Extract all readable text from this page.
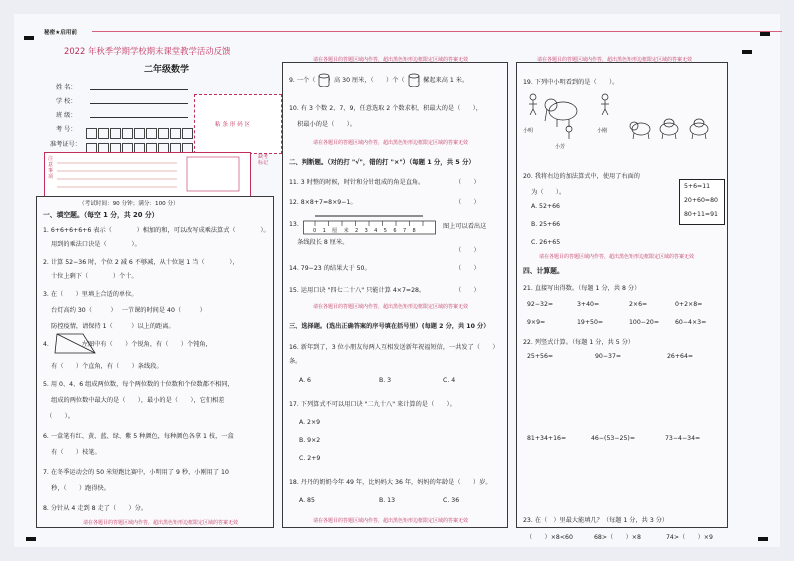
秘密★启用前
2022 年秋季学期学校期末课堂教学活动反馈
二年级数学
姓 名：
学 校：
班 级：
考 号：
准考证号：
粘 条 形 码 区
注意事项
缺考标记
（考试时间：90 分钟；满分：100 分）
一、填空题。（每空 1 分，共 20 分）
1. 6+6+6+6+6 表示（　　　　）相加的和，可以改写成乘法算式（　　　　）。
用到的乘法口诀是（　　　　）。
2. 计算 52−36 时，个位 2 减 6 不够减，从十位退 1 当（　　　　），
十位上剩下（　　　　）个十。
3. 在（　　）里填上合适的单位。
　 台灯高约 30（　　　）　 一节课的时间是 40（　　　）
　 防控疫情，请保持 1（　　　）以上的距离。
4. 　　　　　左图中有（　　）个锐角，有（　　）个钝角，
　 有（　　）个直角，有（　　）条线段。
5. 用 0、4、6 组成两位数，每个两位数的十位数和个位数都不相同，
　 组成的两位数中最大的是（　　），最小的是（　　），它们相差
　（　　）。
6. 一盒笔有红、黄、蓝、绿、紫 5 种颜色，每种颜色各拿 1 枝，一盒
　 有（　　）枝笔。
7. 在冬季运动会的 50 米短跑比赛中，小明用了 9 秒，小刚用了 10
　 秒，（　　）跑得快。
8. 分针从 4 走到 8 走了（　　）分。
请在各题目的答题区域内作答，超出黑色矩形边框限定区域的答案无效
请在各题目的答题区域内作答，超出黑色矩形边框限定区域的答案无效
9. 一个（　　）高 30 厘米，（　　）个（　　）摞起来高 1 米。
10. 有 3 个数 2、7、9，任意选取 2 个数求积，积最大的是（　　），
　 积最小的是（　　）。
请在各题目的答题区域内作答，超出黑色矩形边框限定区域的答案无效
二、判断题。（对的打 "√"，错的打 "×"）（每题 1 分，共 5 分）
11. 3 时整的时候，时针和分针组成的角是直角。	（　　）
12. 8×8+7=8×9−1。	（　　）
13.
01厘米2345678
图上可以看出这
　 条线段长 8 厘米。
（　　）
14. 79−23 的结果大于 50。	（　　）
15. 运用口诀 "四七二十八" 只能计算 4×7=28。	（　　）
请在各题目的答题区域内作答，超出黑色矩形边框限定区域的答案无效
三、选择题。(选出正确答案的序号填在括号里）(每题 2 分，共 10 分）
16. 新年到了，3 位小朋友每两人互相发送新年祝福短信，一共发了（　　）条。
A. 6	B. 3	C. 4
17. 下列算式不可以用口诀 "二九十八" 来计算的是（　　）。
A. 2×9
B. 9×2
C. 2+9
18. 丹丹的奶奶今年 49 年，比妈妈大 36 年，妈妈的年龄是（　　）岁。
A. 85	B. 13	C. 36
请在各题目的答题区域内作答，超出黑色矩形边框限定区域的答案无效
请在各题目的答题区域内作答，超出黑色矩形边框限定区域的答案无效
19. 下列中小明看到的是（　　）。
小明
小芳
小刚
20. 我将右边的加法算式中，使用了右面的
　 为（　　）。
5+6=11
20+60=80
80+11=91
A. 52+66
B. 25+66
C. 26+65
请在各题目的答题区域内作答，超出黑色矩形边框限定区域的答案无效
四、计算题。
21. 直接写出得数。（每题 1 分，共 8 分）
92−32=	3+40=	2×6=	0+2×8=
9×9=	19+50=	100−20=	60−4×3=
22. 列竖式计算。（每题 1 分，共 5 分）
25+56=	90−37=	26+64=
81+34+16=	46−(53−25)=	73−4−34=
23. 在（　）里最大能填几？（每题 1 分，共 3 分）
（　　）×8<60	68>（　　）×8	74>（　　）×9
